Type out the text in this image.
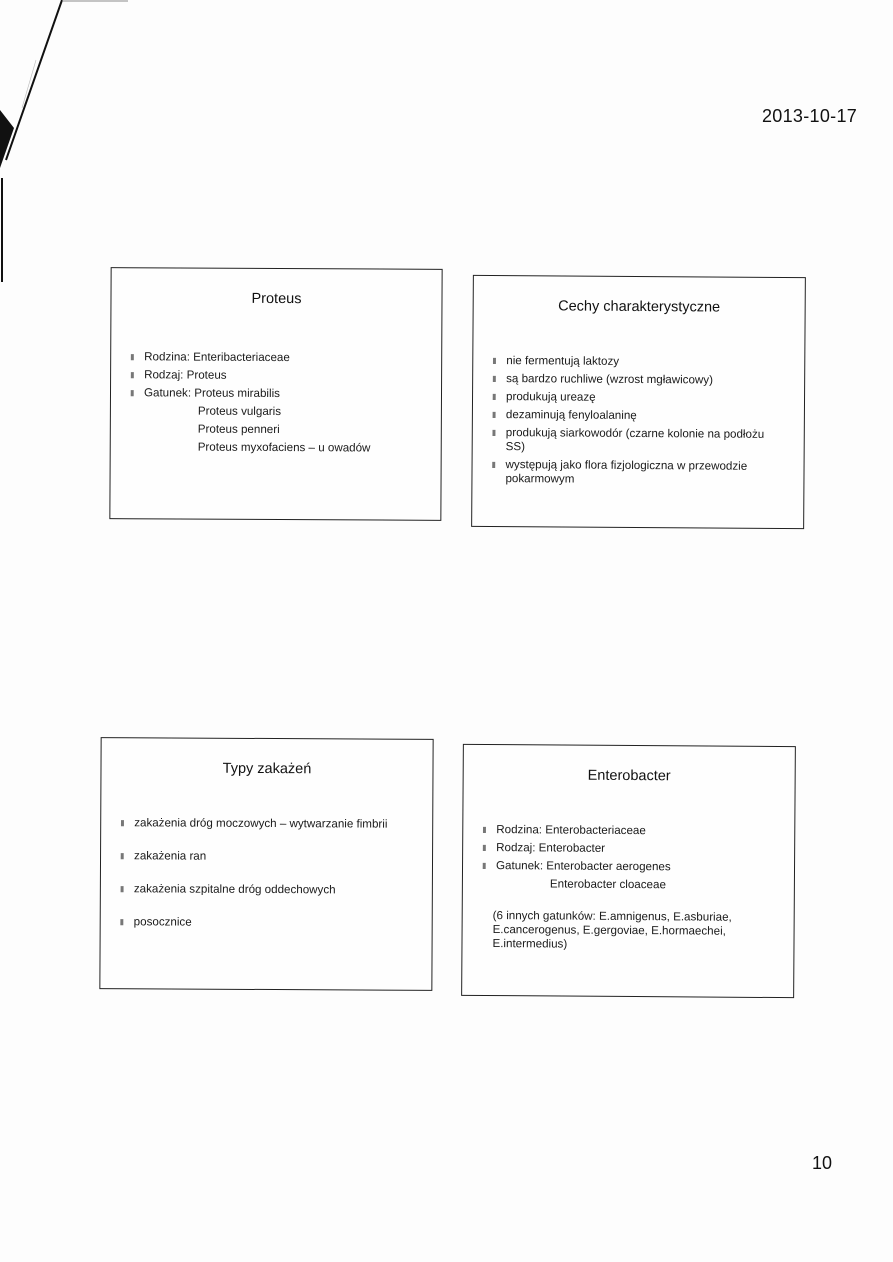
2013-10-17
Proteus
▮ Rodzina: Enteribacteriaceae
▮ Rodzaj: Proteus
▮ Gatunek: Proteus mirabilis
Proteus vulgaris
Proteus penneri
Proteus myxofaciens – u owadów
Cechy charakterystyczne
▮ nie fermentują laktozy
▮ są bardzo ruchliwe (wzrost mgławicowy)
▮ produkują ureazę
▮ dezaminują fenyloalaninę
▮ produkują siarkowodór (czarne kolonie na podłożu SS)
▮ występują jako flora fizjologiczna w przewodzie pokarmowym
Typy zakażeń
▮ zakażenia dróg moczowych – wytwarzanie fimbrii
▮ zakażenia ran
▮ zakażenia szpitalne dróg oddechowych
▮ posocznice
Enterobacter
▮ Rodzina: Enterobacteriaceae
▮ Rodzaj: Enterobacter
▮ Gatunek: Enterobacter aerogenes
Enterobacter cloaceae
(6 innych gatunków: E.amnigenus, E.asburiae, E.cancerogenus, E.gergoviae, E.hormaechei, E.intermedius)
10
